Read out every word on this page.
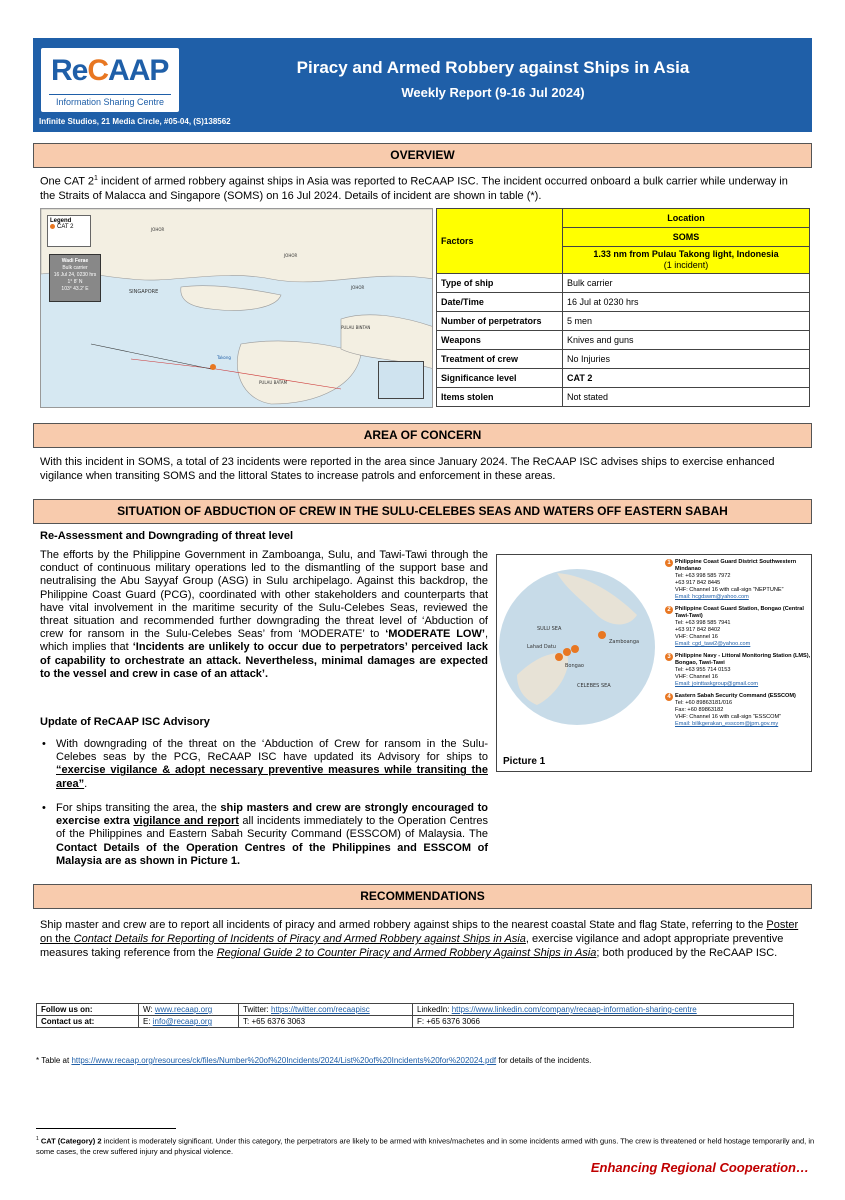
ReCAAP
Information Sharing Centre
Piracy and Armed Robbery against Ships in Asia
Weekly Report (9-16 Jul 2024)
Infinite Studios, 21 Media Circle, #05-04, (S)138562
OVERVIEW
One CAT $2^1$ incident of armed robbery against ships in Asia was reported to ReCAAP ISC. The incident occurred onboard a bulk carrier while underway in the Straits of Malacca and Singapore (SOMS) on 16 Jul 2024. Details of incident are shown in table (*).
JOHOR
JOHOR
SINGAPORE
Takong
PULAU BATAM
PULAU BINTAN
JOHOR
Legend
CAT 2
Wadi Ferae
Bulk carrier
16 Jul 24, 0230 hrs
1° 8' N
103° 43.2' E
Factors	Location
	SOMS

	1.33 nm from Pulau Takong light, Indonesia
(1 incident)

Type of ship	Bulk carrier
Date/Time	16 Jul at 0230 hrs
Number of perpetrators	5 men
Weapons	Knives and guns
Treatment of crew	No Injuries
Significance level	CAT 2
Items stolen	Not stated
AREA OF CONCERN
With this incident in SOMS, a total of 23 incidents were reported in the area since January 2024. The ReCAAP ISC advises ships to exercise enhanced vigilance when transiting SOMS and the littoral States to increase patrols and enforcement in these areas.
SITUATION OF ABDUCTION OF CREW IN THE SULU-CELEBES SEAS AND WATERS OFF EASTERN SABAH
Re-Assessment and Downgrading of threat level
The efforts by the Philippine Government in Zamboanga, Sulu, and Tawi-Tawi through the conduct of continuous military operations led to the dismantling of the support base and neutralising the Abu Sayyaf Group (ASG) in Sulu archipelago. Against this backdrop, the Philippine Coast Guard (PCG), coordinated with other stakeholders and counterparts that have vital involvement in the maritime security of the Sulu-Celebes Seas, reviewed the threat situation and recommended further downgrading the threat level of ‘Abduction of crew for ransom in the Sulu-Celebes Seas’ from ‘MODERATE’ to ‘MODERATE LOW’, which implies that ‘Incidents are unlikely to occur due to perpetrators’ perceived lack of capability to orchestrate an attack. Nevertheless, minimal damages are expected to the vessel and crew in case of an attack’.
Update of ReCAAP ISC Advisory
• With downgrading of the threat on the ‘Abduction of Crew for ransom in the Sulu-Celebes seas by the PCG, ReCAAP ISC have updated its Advisory for ships to “exercise vigilance & adopt necessary preventive measures while transiting the area”.
• For ships transiting the area, the ship masters and crew are strongly encouraged to exercise extra vigilance and report all incidents immediately to the Operation Centres of the Philippines and Eastern Sabah Security Command (ESSCOM) of Malaysia. The Contact Details of the Operation Centres of the Philippines and ESSCOM of Malaysia are as shown in Picture 1.
SULU SEA
CELEBES SEA
Zamboanga
Lahad Datu
Bongao
Picture 1
1 Philippine Coast Guard District Southwestern Mindanao
Tel: +63 998 585 7972
+63 917 842 8445
VHF: Channel 16 with call-sign “NEPTUNE”
Email: hcgdswm@yahoo.com
2 Philippine Coast Guard Station, Bongao (Central Tawi-Tawi)
Tel: +63 998 585 7941
+63 917 842 8402
VHF: Channel 16
Email: cgd_tawi2@yahoo.com
3 Philippine Navy - Littoral Monitoring Station (LMS), Bongao, Tawi-Tawi
Tel: +63 955 714 0153
VHF: Channel 16
Email: jointtaskgroup@gmail.com
4 Eastern Sabah Security Command (ESSCOM)
Tel: +60 89863181/016
Fax: +60 89863182
VHF: Channel 16 with call-sign “ESSCOM”
Email: bilikgerakan_esscom@jpm.gov.my
RECOMMENDATIONS
Ship master and crew are to report all incidents of piracy and armed robbery against ships to the nearest coastal State and flag State, referring to the Poster on the Contact Details for Reporting of Incidents of Piracy and Armed Robbery against Ships in Asia, exercise vigilance and adopt appropriate preventive measures taking reference from the Regional Guide 2 to Counter Piracy and Armed Robbery Against Ships in Asia; both produced by the ReCAAP ISC.
Follow us on:	W: www.recaap.org	Twitter: https://twitter.com/recaapisc	LinkedIn: https://www.linkedin.com/company/recaap-information-sharing-centre
Contact us at:	E: info@recaap.org	T: +65 6376 3063	F: +65 6376 3066
* Table at https://www.recaap.org/resources/ck/files/Number%20of%20Incidents/2024/List%20of%20Incidents%20for%202024.pdf for details of the incidents.
$^1$ CAT (Category) 2 incident is moderately significant. Under this category, the perpetrators are likely to be armed with knives/machetes and in some incidents armed with guns. The crew is threatened or held hostage temporarily and, in some cases, the crew suffered injury and physical violence.
Enhancing Regional Cooperation…
